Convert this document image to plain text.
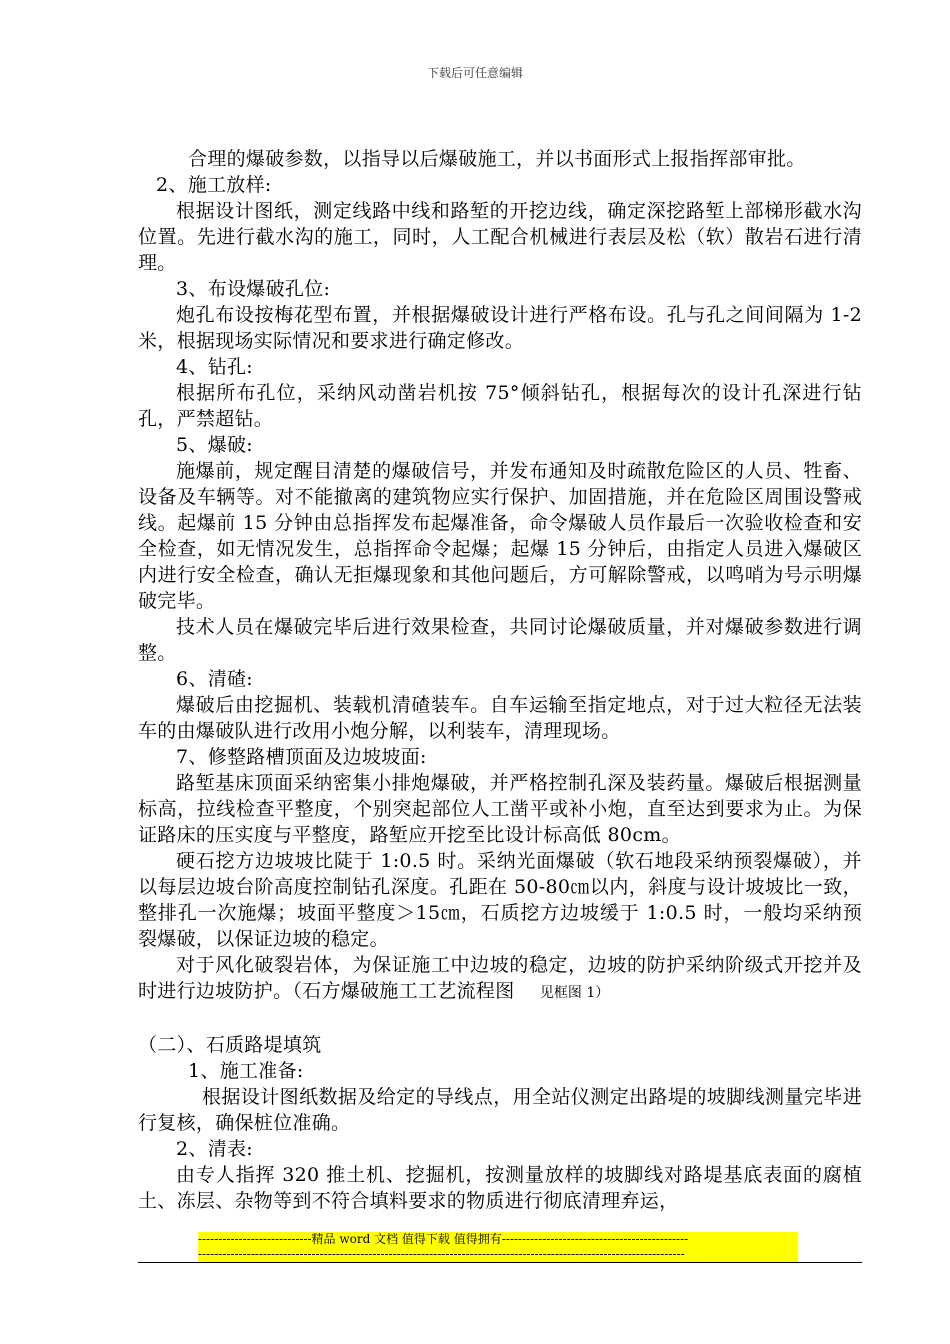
下载后可任意编辑

合理的爆破参数，以指导以后爆破施工，并以书面形式上报指挥部审批。

2、施工放样:

根据设计图纸，测定线路中线和路堑的开挖边线，确定深挖路堑上部梯形截水沟位置。先进行截水沟的施工，同时，人工配合机械进行表层及松（软）散岩石进行清理。

3、布设爆破孔位:

炮孔布设按梅花型布置，并根据爆破设计进行严格布设。孔与孔之间间隔为 1-2 米，根据现场实际情况和要求进行确定修改。

4、钻孔:

根据所布孔位，采纳风动凿岩机按 75°倾斜钻孔，根据每次的设计孔深进行钻孔，严禁超钻。

5、爆破:

施爆前，规定醒目清楚的爆破信号，并发布通知及时疏散危险区的人员、牲畜、设备及车辆等。对不能撤离的建筑物应实行保护、加固措施，并在危险区周围设警戒线。起爆前 15 分钟由总指挥发布起爆准备，命令爆破人员作最后一次验收检查和安全检查，如无情况发生，总指挥命令起爆；起爆 15 分钟后，由指定人员进入爆破区内进行安全检查，确认无拒爆现象和其他问题后，方可解除警戒，以鸣哨为号示明爆破完毕。

技术人员在爆破完毕后进行效果检查，共同讨论爆破质量，并对爆破参数进行调整。

6、清碴:

爆破后由挖掘机、装载机清碴装车。自车运输至指定地点，对于过大粒径无法装车的由爆破队进行改用小炮分解，以利装车，清理现场。

7、修整路槽顶面及边坡坡面:

路堑基床顶面采纳密集小排炮爆破，并严格控制孔深及装药量。爆破后根据测量标高，拉线检查平整度，个别突起部位人工凿平或补小炮，直至达到要求为止。为保证路床的压实度与平整度，路堑应开挖至比设计标高低 80cm。

硬石挖方边坡坡比陡于 1:0.5 时。采纳光面爆破（软石地段采纳预裂爆破），并以每层边坡台阶高度控制钻孔深度。孔距在 50-80㎝以内，斜度与设计坡坡比一致，整排孔一次施爆；坡面平整度＞15㎝，石质挖方边坡缓于 1:0.5 时，一般均采纳预裂爆破，以保证边坡的稳定。

对于风化破裂岩体，为保证施工中边坡的稳定，边坡的防护采纳阶级式开挖并及时进行边坡防护。（石方爆破施工工艺流程图 见框图 1）

（二）、石质路堤填筑

1、施工准备:

根据设计图纸数据及给定的导线点，用全站仪测定出路堤的坡脚线测量完毕进行复核，确保桩位准确。

2、清表:

由专人指挥 320 推土机、挖掘机，按测量放样的坡脚线对路堤基底表面的腐植土、冻层、杂物等到不符合填料要求的物质进行彻底清理弃运，

----------------------------精品 word 文档 值得下载 值得拥有----------------------------------------------
------------------------------------------------------------------------------------------------------------------------
